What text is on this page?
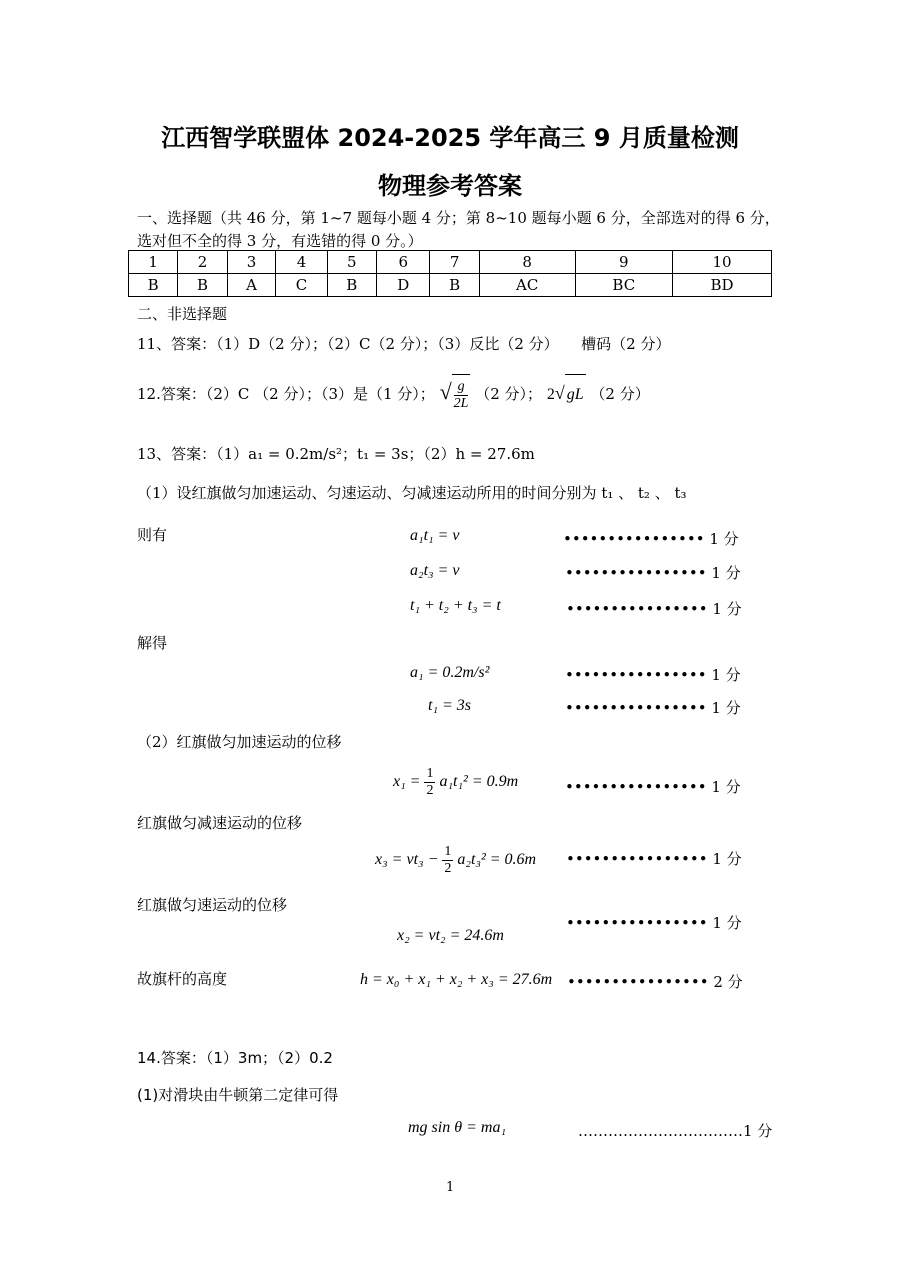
江西智学联盟体 2024-2025 学年高三 9 月质量检测
物理参考答案
一、选择题（共 46 分，第 1~7 题每小题 4 分；第 8~10 题每小题 6 分，全部选对的得 6 分，
选对但不全的得 3 分，有选错的得 0 分。）
1	2	3	4	5	6	7	8	9	10
B	B	A	C	B	D	B	AC	BC	BD
二、非选择题
11、答案：（1）D（2 分）；（2）C（2 分）；（3）反比（2 分）　　槽码（2 分）
12.答案：（2）C （2 分）；（3）是（1 分）； √ $\frac{g}{2L} (2$ 分）； 2√ gL （2 分）
13、答案：（1）a₁ = 0.2m/s²；t₁ = 3s；（2）h = 27.6m
（1）设红旗做匀加速运动、匀速运动、匀减速运动所用的时间分别为 t₁ 、 t₂ 、 t₃
则有	a₁t₁ = v	•••••••••••••••• 1 分
a₂t₃ = v	•••••••••••••••• 1 分
t₁ + t₂ + t₃ = t	•••••••••••••••• 1 分
解得
a₁ = 0.2m/s²	•••••••••••••••• 1 分
t₁ = 3s	•••••••••••••••• 1 分
（2）红旗做匀加速运动的位移
$x_1 = \frac{1}{2} a_1t_1^2 = 0.9m$	•••••••••••••••• 1 分
红旗做匀减速运动的位移
$x_3 = vt_3 - \frac{1}{2} a_2t_3^2 = 0.6m$ •••••••••••••••• 1 分
红旗做匀速运动的位移
•••••••••••••••• 1 分
x₂ = vt₂ = 24.6m
故旗杆的高度	h = x₀ + x₁ + x₂ + x₃ = 27.6m •••••••••••••••• 2 分
14.答案：（1）3m；（2）0.2
(1)对滑块由牛顿第二定律可得
mg sin θ = ma₁	……………………………1 分
1
